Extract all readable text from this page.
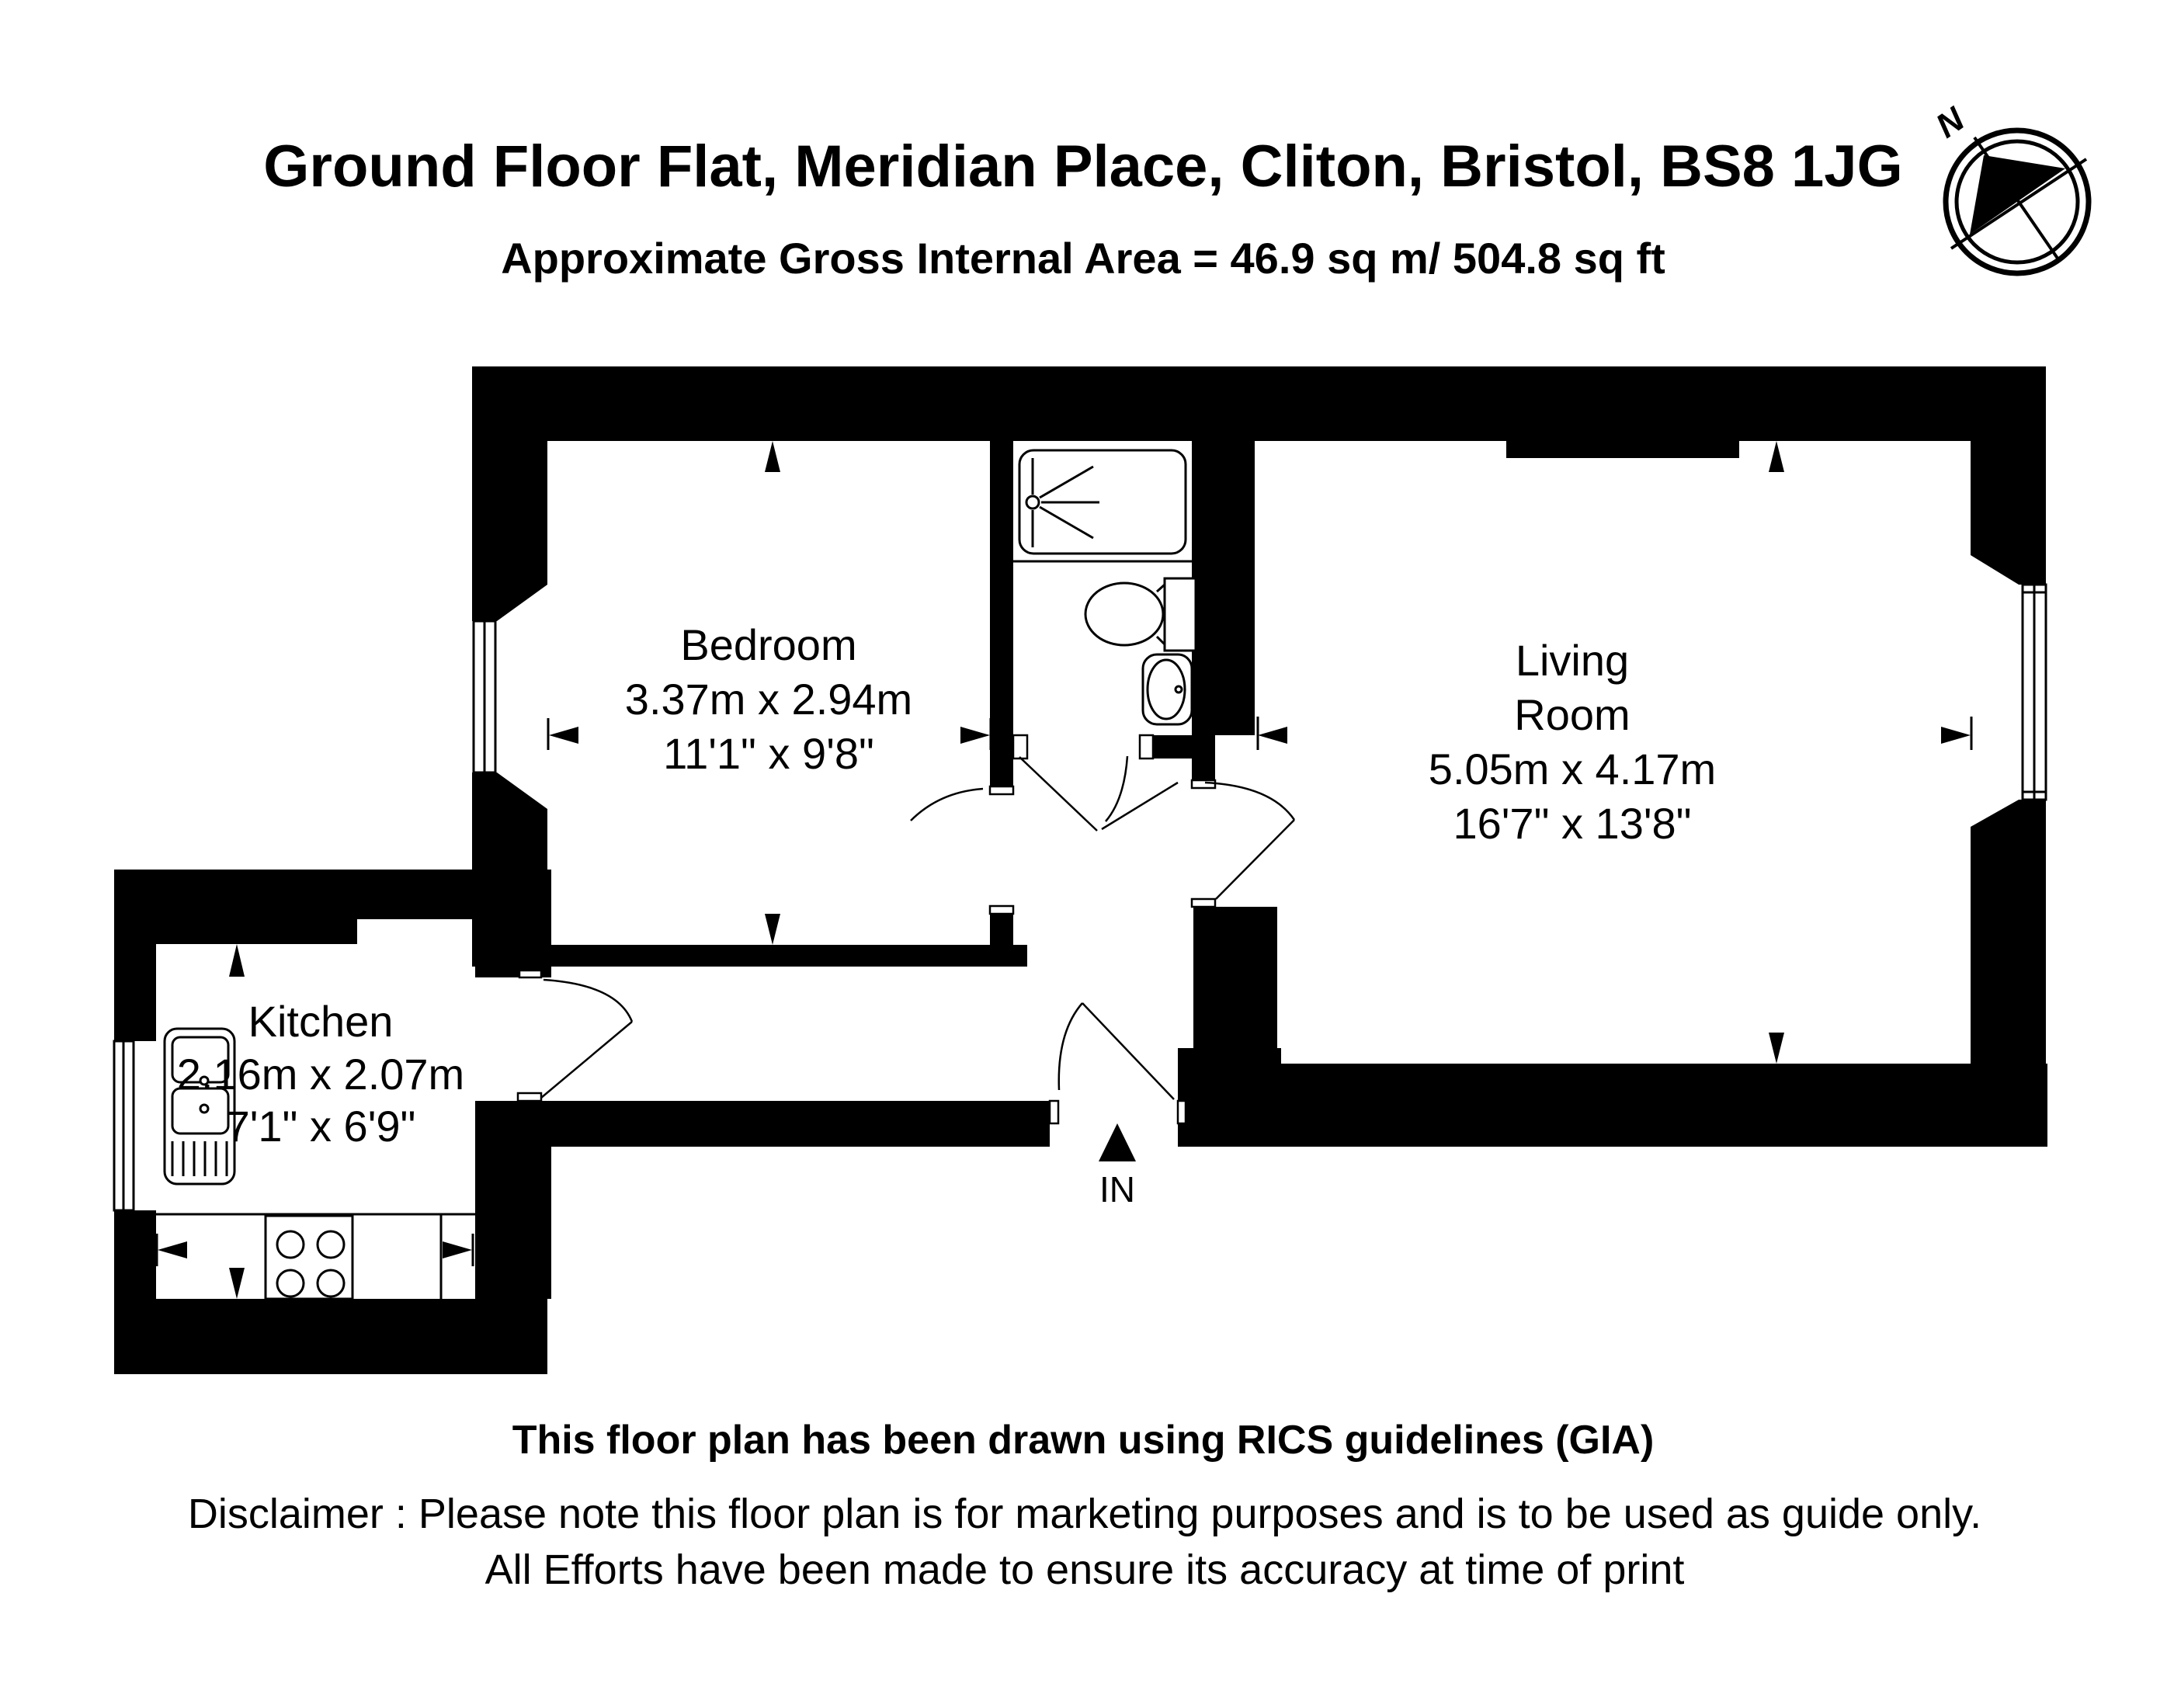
IN
N
Bedroom
3.37m x 2.94m
11'1" x 9'8"
Living
Room
5.05m x 4.17m
16'7" x 13'8"
Kitchen
2.16m x 2.07m
7'1" x 6'9"
Ground Floor Flat, Meridian Place, Cliton, Bristol, BS8 1JG
Approximate Gross Internal Area = 46.9 sq m/ 504.8 sq ft
This floor plan has been drawn using RICS guidelines (GIA)
Disclaimer : Please note this floor plan is for marketing purposes and is to be used as guide only.
All Efforts have been made to ensure its accuracy at time of print
